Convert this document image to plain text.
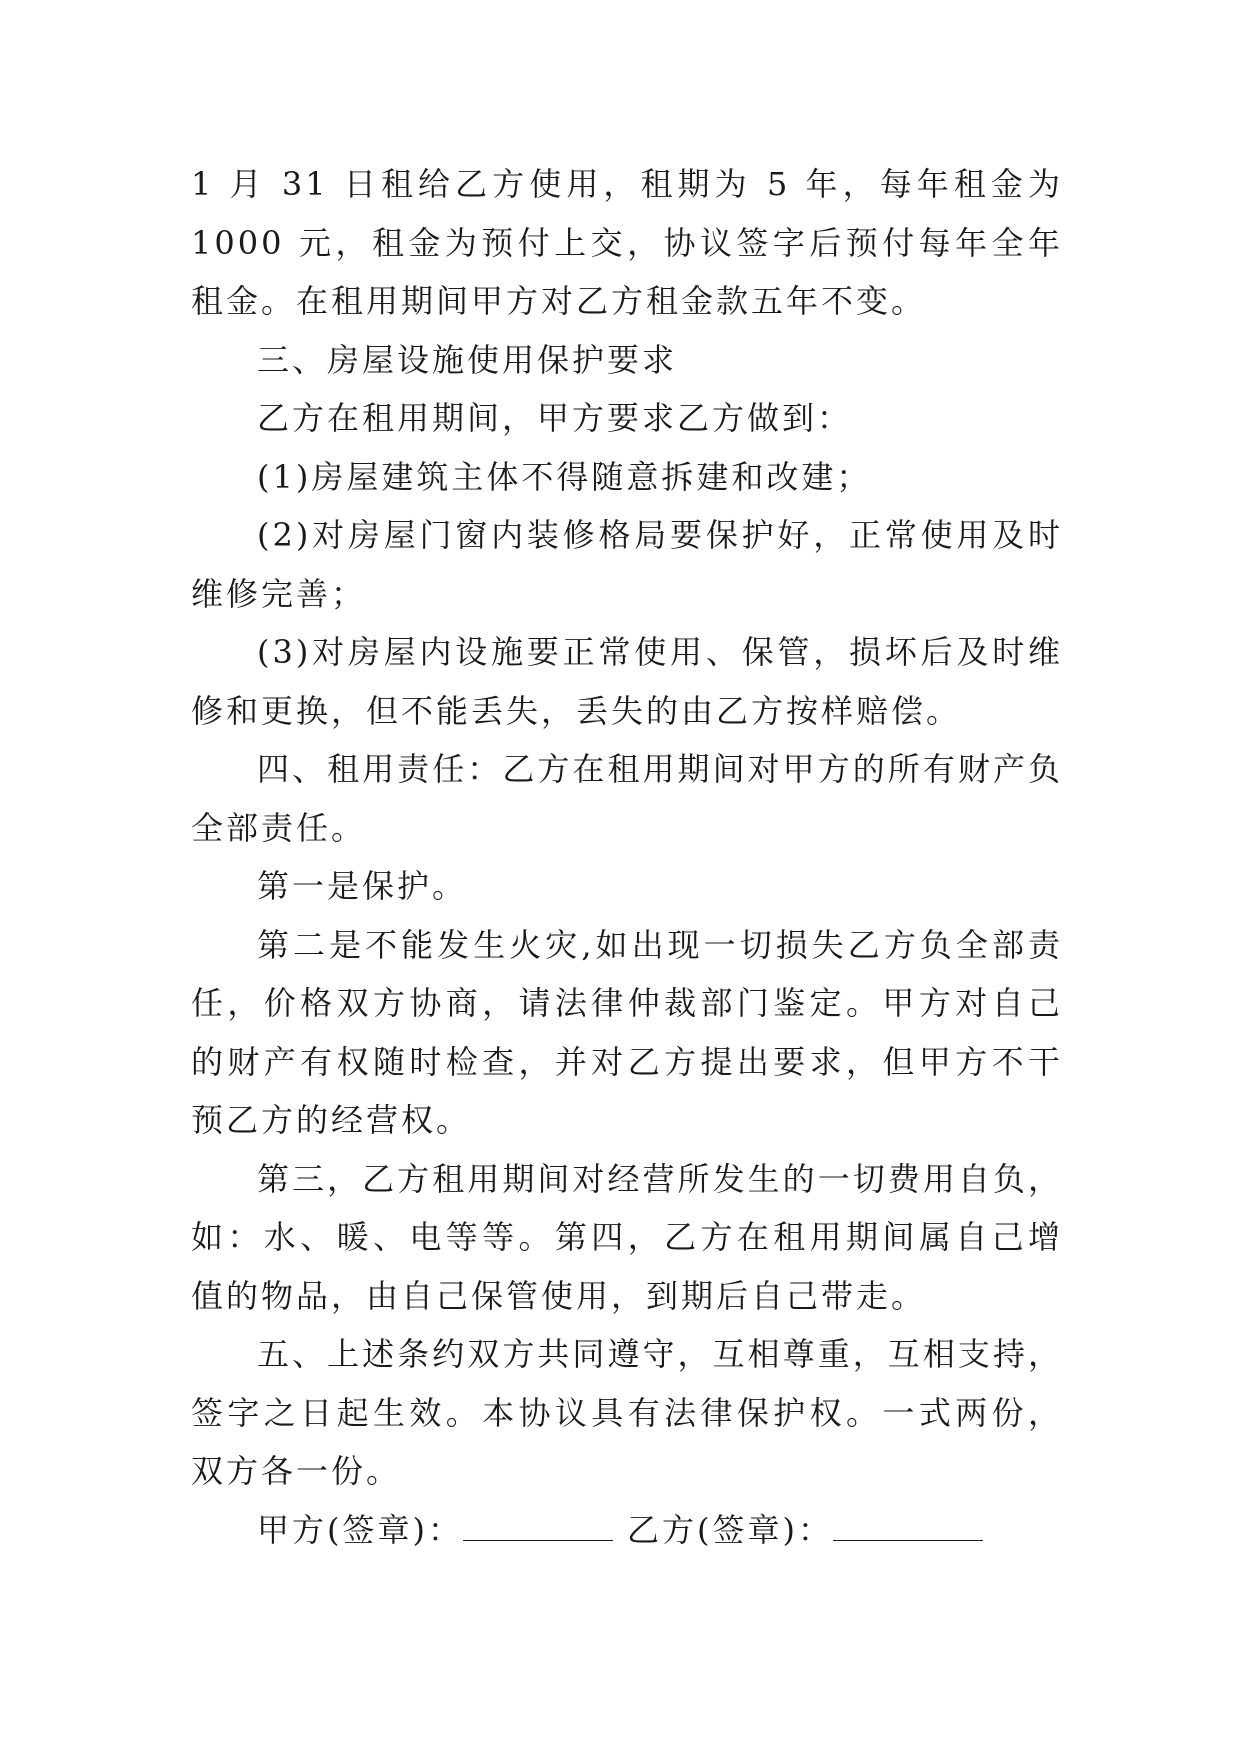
1 月 31 日租给乙方使用，租期为 5 年，每年租金为 1000 元，租金为预付上交，协议签字后预付每年全年租金。在租用期间甲方对乙方租金款五年不变。

三、房屋设施使用保护要求

乙方在租用期间，甲方要求乙方做到：

(1)房屋建筑主体不得随意拆建和改建；

(2)对房屋门窗内装修格局要保护好，正常使用及时维修完善；

(3)对房屋内设施要正常使用、保管，损坏后及时维修和更换，但不能丢失，丢失的由乙方按样赔偿。

四、租用责任：乙方在租用期间对甲方的所有财产负全部责任。

第一是保护。

第二是不能发生火灾,如出现一切损失乙方负全部责任，价格双方协商，请法律仲裁部门鉴定。甲方对自己的财产有权随时检查，并对乙方提出要求，但甲方不干预乙方的经营权。

第三，乙方租用期间对经营所发生的一切费用自负，如：水、暖、电等等。第四，乙方在租用期间属自己增值的物品，由自己保管使用，到期后自己带走。

五、上述条约双方共同遵守，互相尊重，互相支持，签字之日起生效。本协议具有法律保护权。一式两份，双方各一份。

甲方(签章)：	乙方(签章)：
